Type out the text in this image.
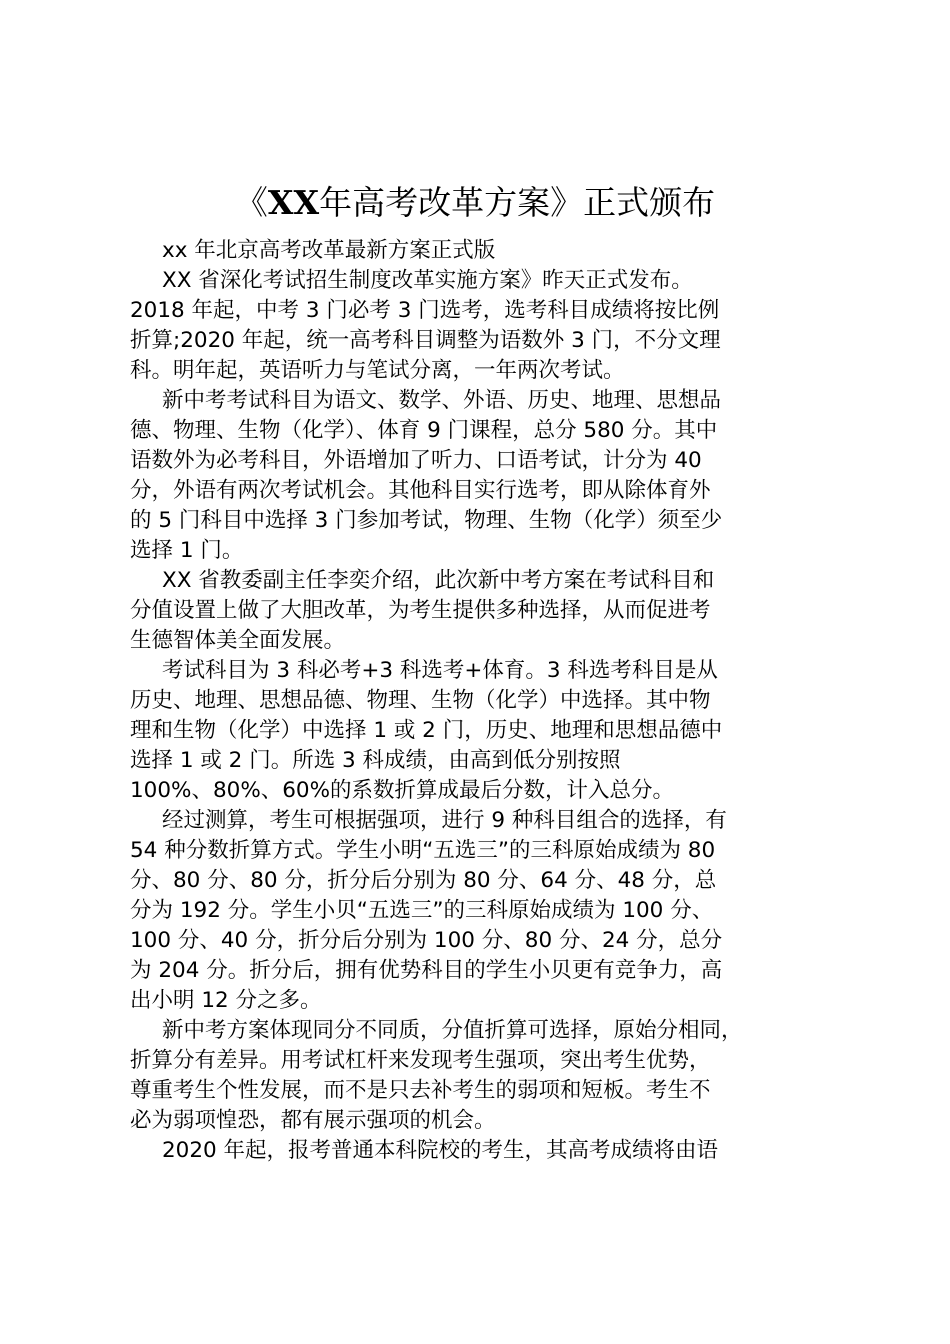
《XX年高考改革方案》正式颁布
xx 年北京高考改革最新方案正式版
XX 省深化考试招生制度改革实施方案》昨天正式发布。
2018 年起，中考 3 门必考 3 门选考，选考科目成绩将按比例
折算;2020 年起，统一高考科目调整为语数外 3 门，不分文理
科。明年起，英语听力与笔试分离，一年两次考试。
新中考考试科目为语文、数学、外语、历史、地理、思想品
德、物理、生物（化学）、体育 9 门课程，总分 580 分。其中
语数外为必考科目，外语增加了听力、口语考试，计分为 40
分，外语有两次考试机会。其他科目实行选考，即从除体育外
的 5 门科目中选择 3 门参加考试，物理、生物（化学）须至少
选择 1 门。
XX 省教委副主任李奕介绍，此次新中考方案在考试科目和
分值设置上做了大胆改革，为考生提供多种选择，从而促进考
生德智体美全面发展。
考试科目为 3 科必考+3 科选考+体育。3 科选考科目是从
历史、地理、思想品德、物理、生物（化学）中选择。其中物
理和生物（化学）中选择 1 或 2 门，历史、地理和思想品德中
选择 1 或 2 门。所选 3 科成绩，由高到低分别按照
100%、80%、60%的系数折算成最后分数，计入总分。
经过测算，考生可根据强项，进行 9 种科目组合的选择，有
54 种分数折算方式。学生小明“五选三”的三科原始成绩为 80
分、80 分、80 分，折分后分别为 80 分、64 分、48 分，总
分为 192 分。学生小贝“五选三”的三科原始成绩为 100 分、
100 分、40 分，折分后分别为 100 分、80 分、24 分，总分
为 204 分。折分后，拥有优势科目的学生小贝更有竞争力，高
出小明 12 分之多。
新中考方案体现同分不同质，分值折算可选择，原始分相同，
折算分有差异。用考试杠杆来发现考生强项，突出考生优势，
尊重考生个性发展，而不是只去补考生的弱项和短板。考生不
必为弱项惶恐，都有展示强项的机会。
2020 年起，报考普通本科院校的考生，其高考成绩将由语
